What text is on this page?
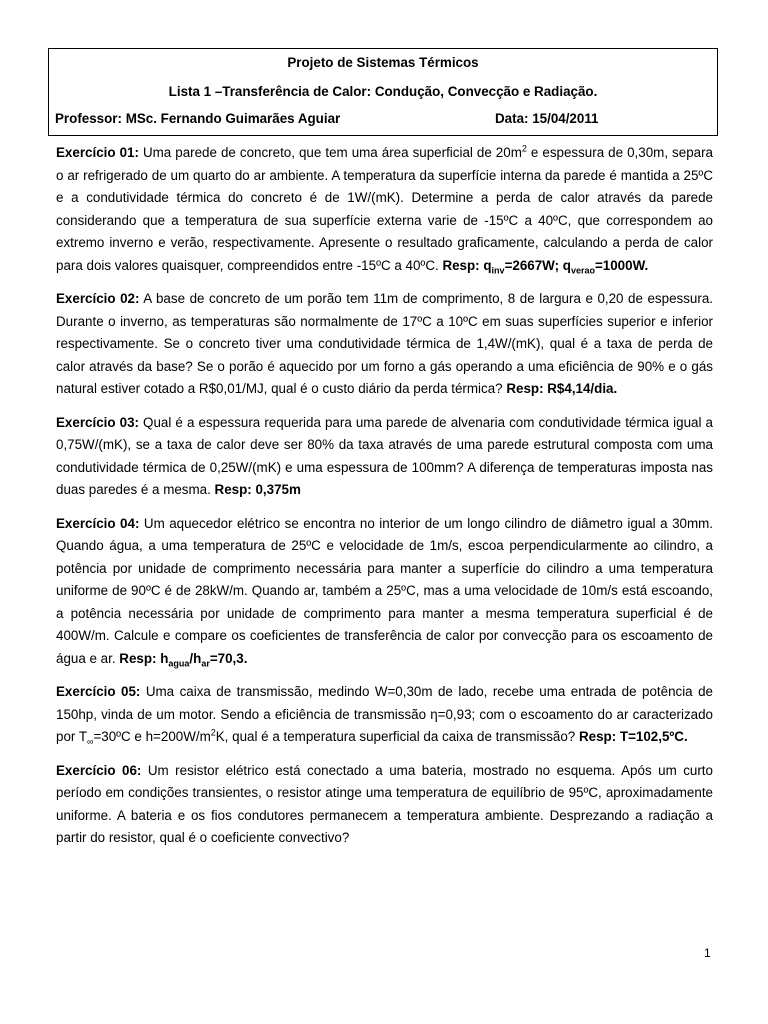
Projeto de Sistemas Térmicos
Lista 1 –Transferência de Calor: Condução, Convecção e Radiação.
Professor: MSc. Fernando Guimarães Aguiar	Data: 15/04/2011

Exercício 01: Uma parede de concreto, que tem uma área superficial de $20m^2$ e espessura de 0,30m, separa o ar refrigerado de um quarto do ar ambiente. A temperatura da superfície interna da parede é mantida a 25ºC e a condutividade térmica do concreto é de 1W/(mK). Determine a perda de calor através da parede considerando que a temperatura de sua superfície externa varie de -15ºC a 40ºC, que correspondem ao extremo inverno e verão, respectivamente. Apresente o resultado graficamente, calculando a perda de calor para dois valores quaisquer, compreendidos entre -15ºC a 40ºC. Resp: $q_{inv}=2667W$; $q_{verao}=1000W$.

Exercício 02: A base de concreto de um porão tem 11m de comprimento, 8 de largura e 0,20 de espessura. Durante o inverno, as temperaturas são normalmente de 17ºC a 10ºC em suas superfícies superior e inferior respectivamente. Se o concreto tiver uma condutividade térmica de 1,4W/(mK), qual é a taxa de perda de calor através da base? Se o porão é aquecido por um forno a gás operando a uma eficiência de 90% e o gás natural estiver cotado a R$0,01/MJ, qual é o custo diário da perda térmica? Resp: R$4,14/dia.

Exercício 03: Qual é a espessura requerida para uma parede de alvenaria com condutividade térmica igual a 0,75W/(mK), se a taxa de calor deve ser 80% da taxa através de uma parede estrutural composta com uma condutividade térmica de 0,25W/(mK) e uma espessura de 100mm? A diferença de temperaturas imposta nas duas paredes é a mesma. Resp: 0,375m

Exercício 04: Um aquecedor elétrico se encontra no interior de um longo cilindro de diâmetro igual a 30mm. Quando água, a uma temperatura de 25ºC e velocidade de 1m/s, escoa perpendicularmente ao cilindro, a potência por unidade de comprimento necessária para manter a superfície do cilindro a uma temperatura uniforme de 90ºC é de 28kW/m. Quando ar, também a 25ºC, mas a uma velocidade de 10m/s está escoando, a potência necessária por unidade de comprimento para manter a mesma temperatura superficial é de 400W/m. Calcule e compare os coeficientes de transferência de calor por convecção para os escoamento de água e ar. Resp: $h_{agua}/h_{ar}=70,3$.

Exercício 05: Uma caixa de transmissão, medindo W=0,30m de lado, recebe uma entrada de potência de 150hp, vinda de um motor. Sendo a eficiência de transmissão η=0,93; com o escoamento do ar caracterizado por $T_\infty=30ºC$ e $h=200W/m^2K$, qual é a temperatura superficial da caixa de transmissão? Resp: T=102,5ºC.

Exercício 06: Um resistor elétrico está conectado a uma bateria, mostrado no esquema. Após um curto período em condições transientes, o resistor atinge uma temperatura de equilíbrio de 95ºC, aproximadamente uniforme. A bateria e os fios condutores permanecem a temperatura ambiente. Desprezando a radiação a partir do resistor, qual é o coeficiente convectivo?

1
